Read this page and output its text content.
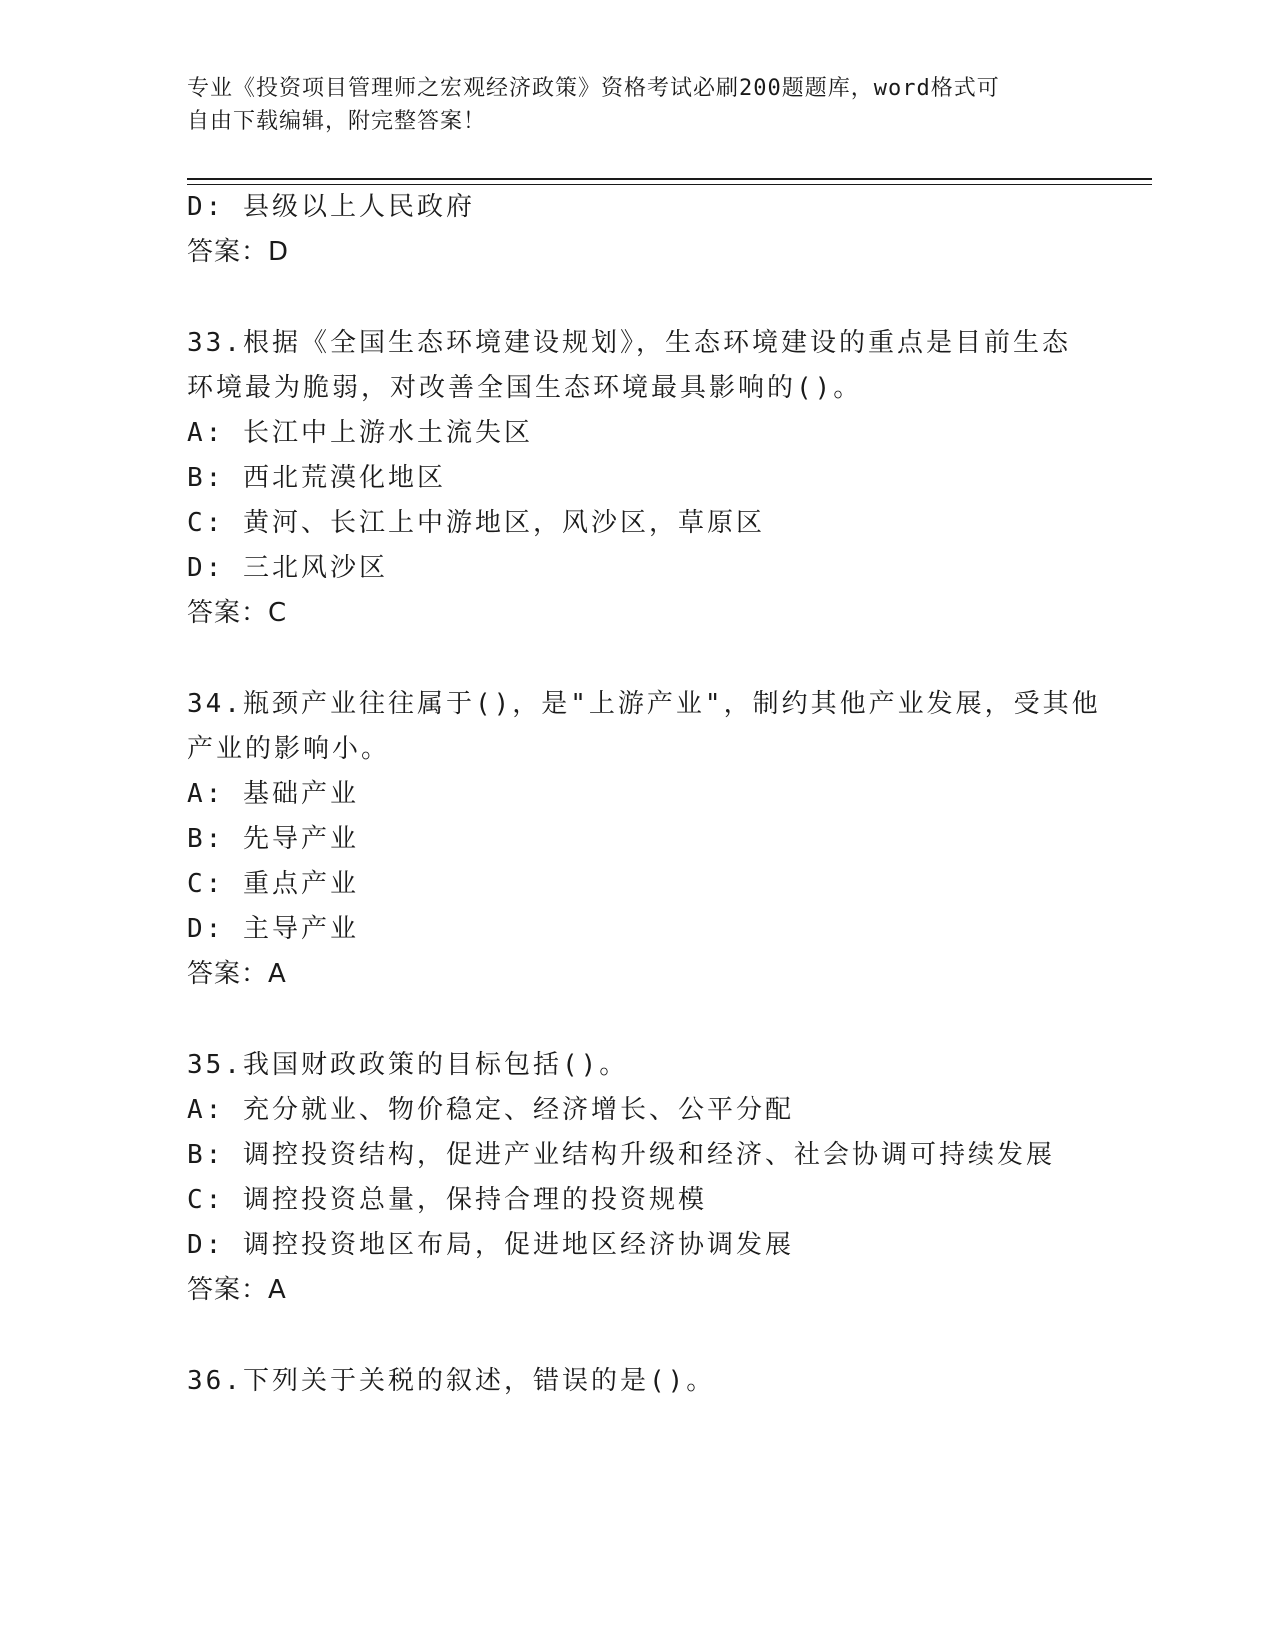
专业《投资项目管理师之宏观经济政策》资格考试必刷200题题库，word格式可
自由下载编辑，附完整答案！
D: 县级以上人民政府
答案：D
33.根据《全国生态环境建设规划》，生态环境建设的重点是目前生态
环境最为脆弱，对改善全国生态环境最具影响的()。
A: 长江中上游水土流失区
B: 西北荒漠化地区
C: 黄河、长江上中游地区，风沙区，草原区
D: 三北风沙区
答案：C
34.瓶颈产业往往属于()，是"上游产业"，制约其他产业发展，受其他
产业的影响小。
A: 基础产业
B: 先导产业
C: 重点产业
D: 主导产业
答案：A
35.我国财政政策的目标包括()。
A: 充分就业、物价稳定、经济增长、公平分配
B: 调控投资结构，促进产业结构升级和经济、社会协调可持续发展
C: 调控投资总量，保持合理的投资规模
D: 调控投资地区布局，促进地区经济协调发展
答案：A
36.下列关于关税的叙述，错误的是()。
